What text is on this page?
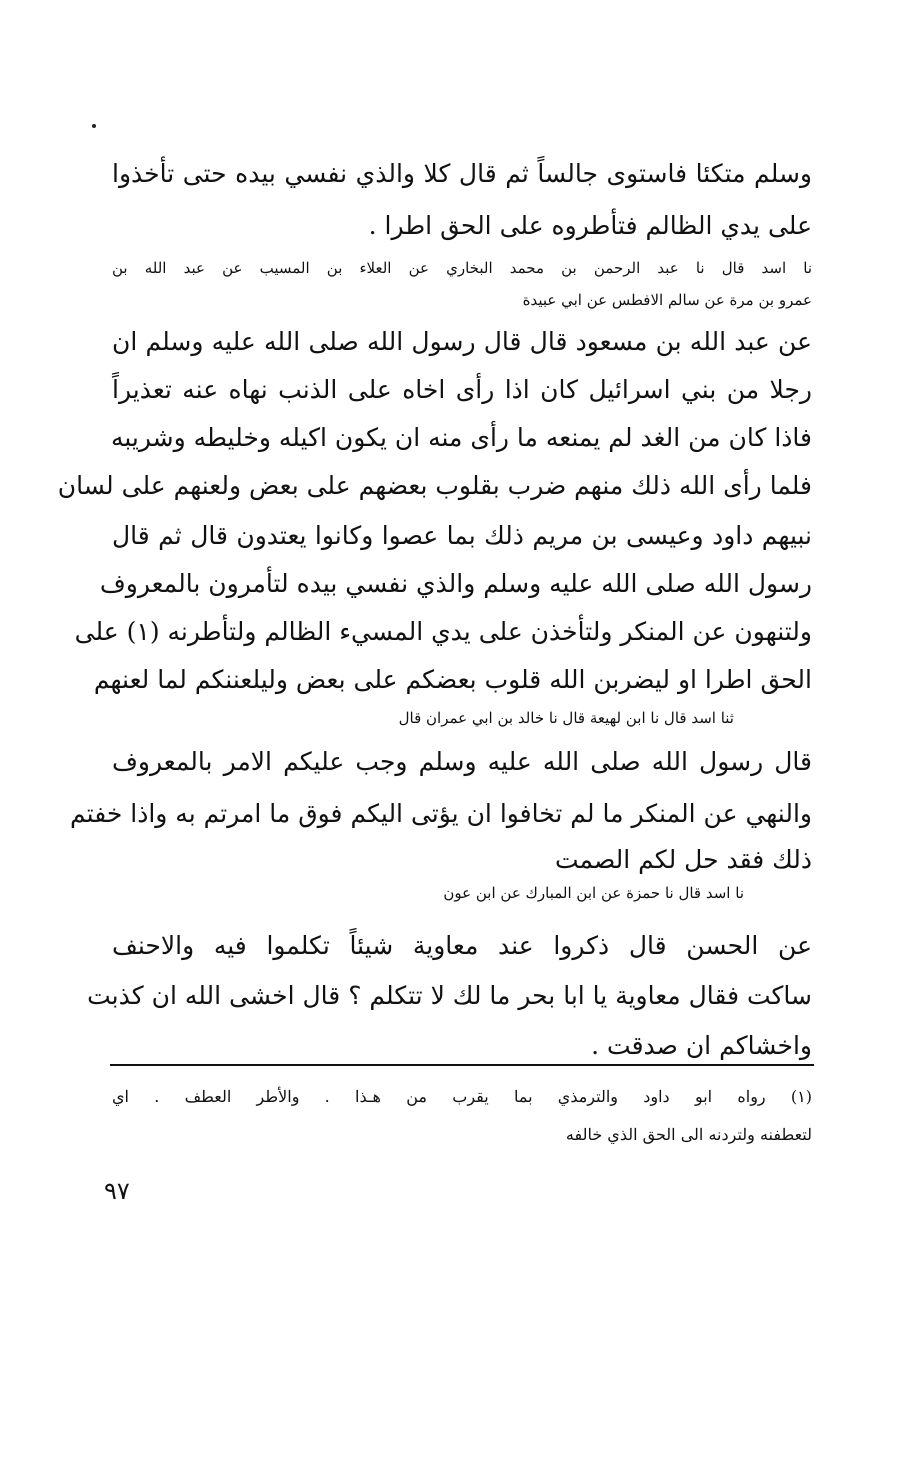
وسلم متكئا فاستوى جالساً ثم قال كلا والذي نفسي بيده حتى تأخذوا
على يدي الظالم فتأطروه على الحق اطرا .
نا اسد قال نا عبد الرحمن بن محمد البخاري عن العلاء بن المسيب عن عبد الله بن
عمرو بن مرة عن سالم الافطس عن ابي عبيدة
عن عبد الله بن مسعود قال قال رسول الله صلى الله عليه وسلم ان
رجلا من بني اسرائيل كان اذا رأى اخاه على الذنب نهاه عنه تعذيراً
فاذا كان من الغد لم يمنعه ما رأى منه ان يكون اكيله وخليطه وشريبه
فلما رأى الله ذلك منهم ضرب بقلوب بعضهم على بعض ولعنهم على لسان
نبيهم داود وعيسى بن مريم ذلك بما عصوا وكانوا يعتدون قال ثم قال
رسول الله صلى الله عليه وسلم والذي نفسي بيده لتأمرون بالمعروف
ولتنهون عن المنكر ولتأخذن على يدي المسيء الظالم ولتأطرنه (١) على
الحق اطرا او ليضربن الله قلوب بعضكم على بعض وليلعننكم لما لعنهم
ثنا اسد قال نا ابن لهيعة قال نا خالد بن ابي عمران قال
قال رسول الله صلى الله عليه وسلم وجب عليكم الامر بالمعروف
والنهي عن المنكر ما لم تخافوا ان يؤتى اليكم فوق ما امرتم به واذا خفتم
ذلك فقد حل لكم الصمت
نا اسد قال نا حمزة عن ابن المبارك عن ابن عون
عن الحسن قال ذكروا عند معاوية شيئاً تكلموا فيه والاحنف
ساكت فقال معاوية يا ابا بحر ما لك لا تتكلم ؟ قال اخشى الله ان كذبت
واخشاكم ان صدقت .
(١) رواه ابو داود والترمذي بما يقرب من هـذا . والأطر العطف . اي
لتعطفنه ولتردنه الى الحق الذي خالفه
٩٧
